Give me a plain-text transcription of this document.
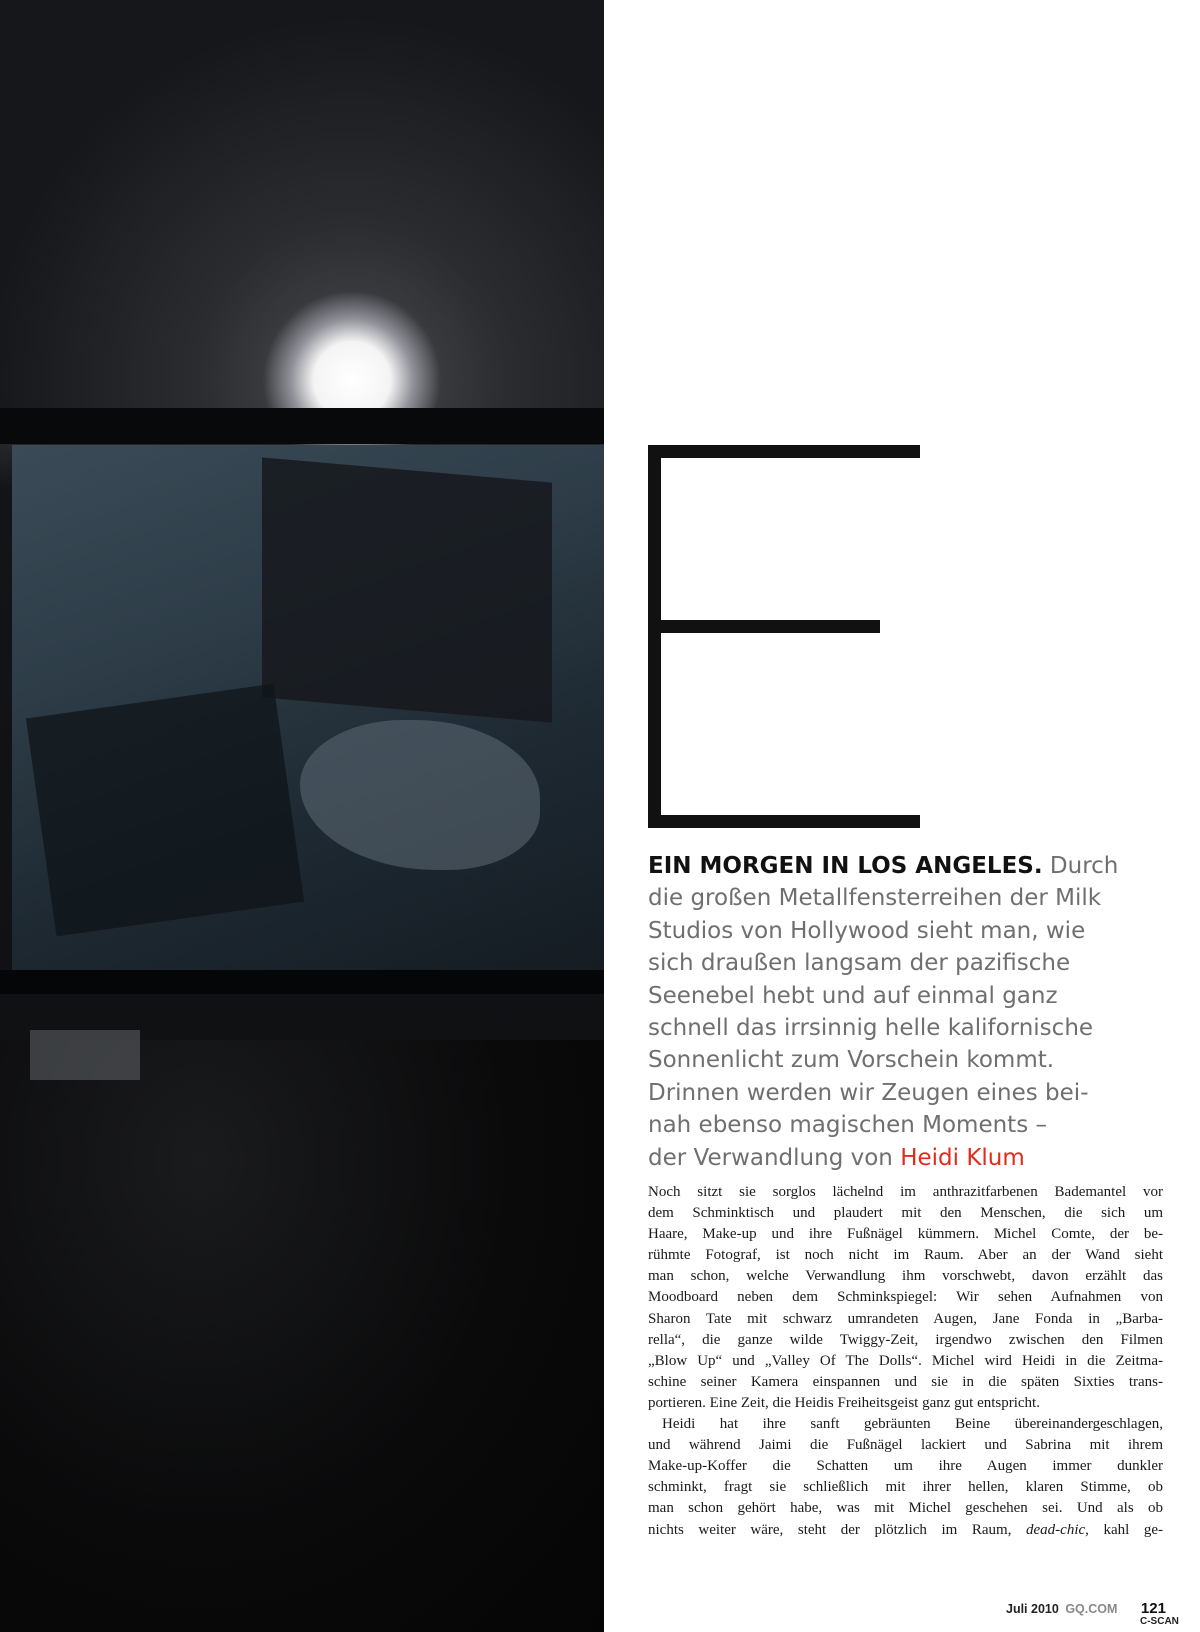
EIN MORGEN IN LOS ANGELES. Durch
die großen Metallfensterreihen der Milk
Studios von Hollywood sieht man, wie
sich draußen langsam der pazifische
Seenebel hebt und auf einmal ganz
schnell das irrsinnig helle kalifornische
Sonnenlicht zum Vorschein kommt.
Drinnen werden wir Zeugen eines bei-
nah ebenso magischen Moments –
der Verwandlung von Heidi Klum
Noch sitzt sie sorglos lächelnd im anthrazitfarbenen Bademantel vor
dem Schminktisch und plaudert mit den Menschen, die sich um
Haare, Make-up und ihre Fußnägel kümmern. Michel Comte, der be-
rühmte Fotograf, ist noch nicht im Raum. Aber an der Wand sieht
man schon, welche Verwandlung ihm vorschwebt, davon erzählt das
Moodboard neben dem Schminkspiegel: Wir sehen Aufnahmen von
Sharon Tate mit schwarz umrandeten Augen, Jane Fonda in „Barba-
rella“, die ganze wilde Twiggy-Zeit, irgendwo zwischen den Filmen
„Blow Up“ und „Valley Of The Dolls“. Michel wird Heidi in die Zeitma-
schine seiner Kamera einspannen und sie in die späten Sixties trans-
portieren. Eine Zeit, die Heidis Freiheitsgeist ganz gut entspricht.
Heidi hat ihre sanft gebräunten Beine übereinandergeschlagen,
und während Jaimi die Fußnägel lackiert und Sabrina mit ihrem
Make-up-Koffer die Schatten um ihre Augen immer dunkler
schminkt, fragt sie schließlich mit ihrer hellen, klaren Stimme, ob
man schon gehört habe, was mit Michel geschehen sei. Und als ob
nichts weiter wäre, steht der plötzlich im Raum, dead-chic, kahl ge-
Juli 2010 GQ.COM 121
C-SCAN
